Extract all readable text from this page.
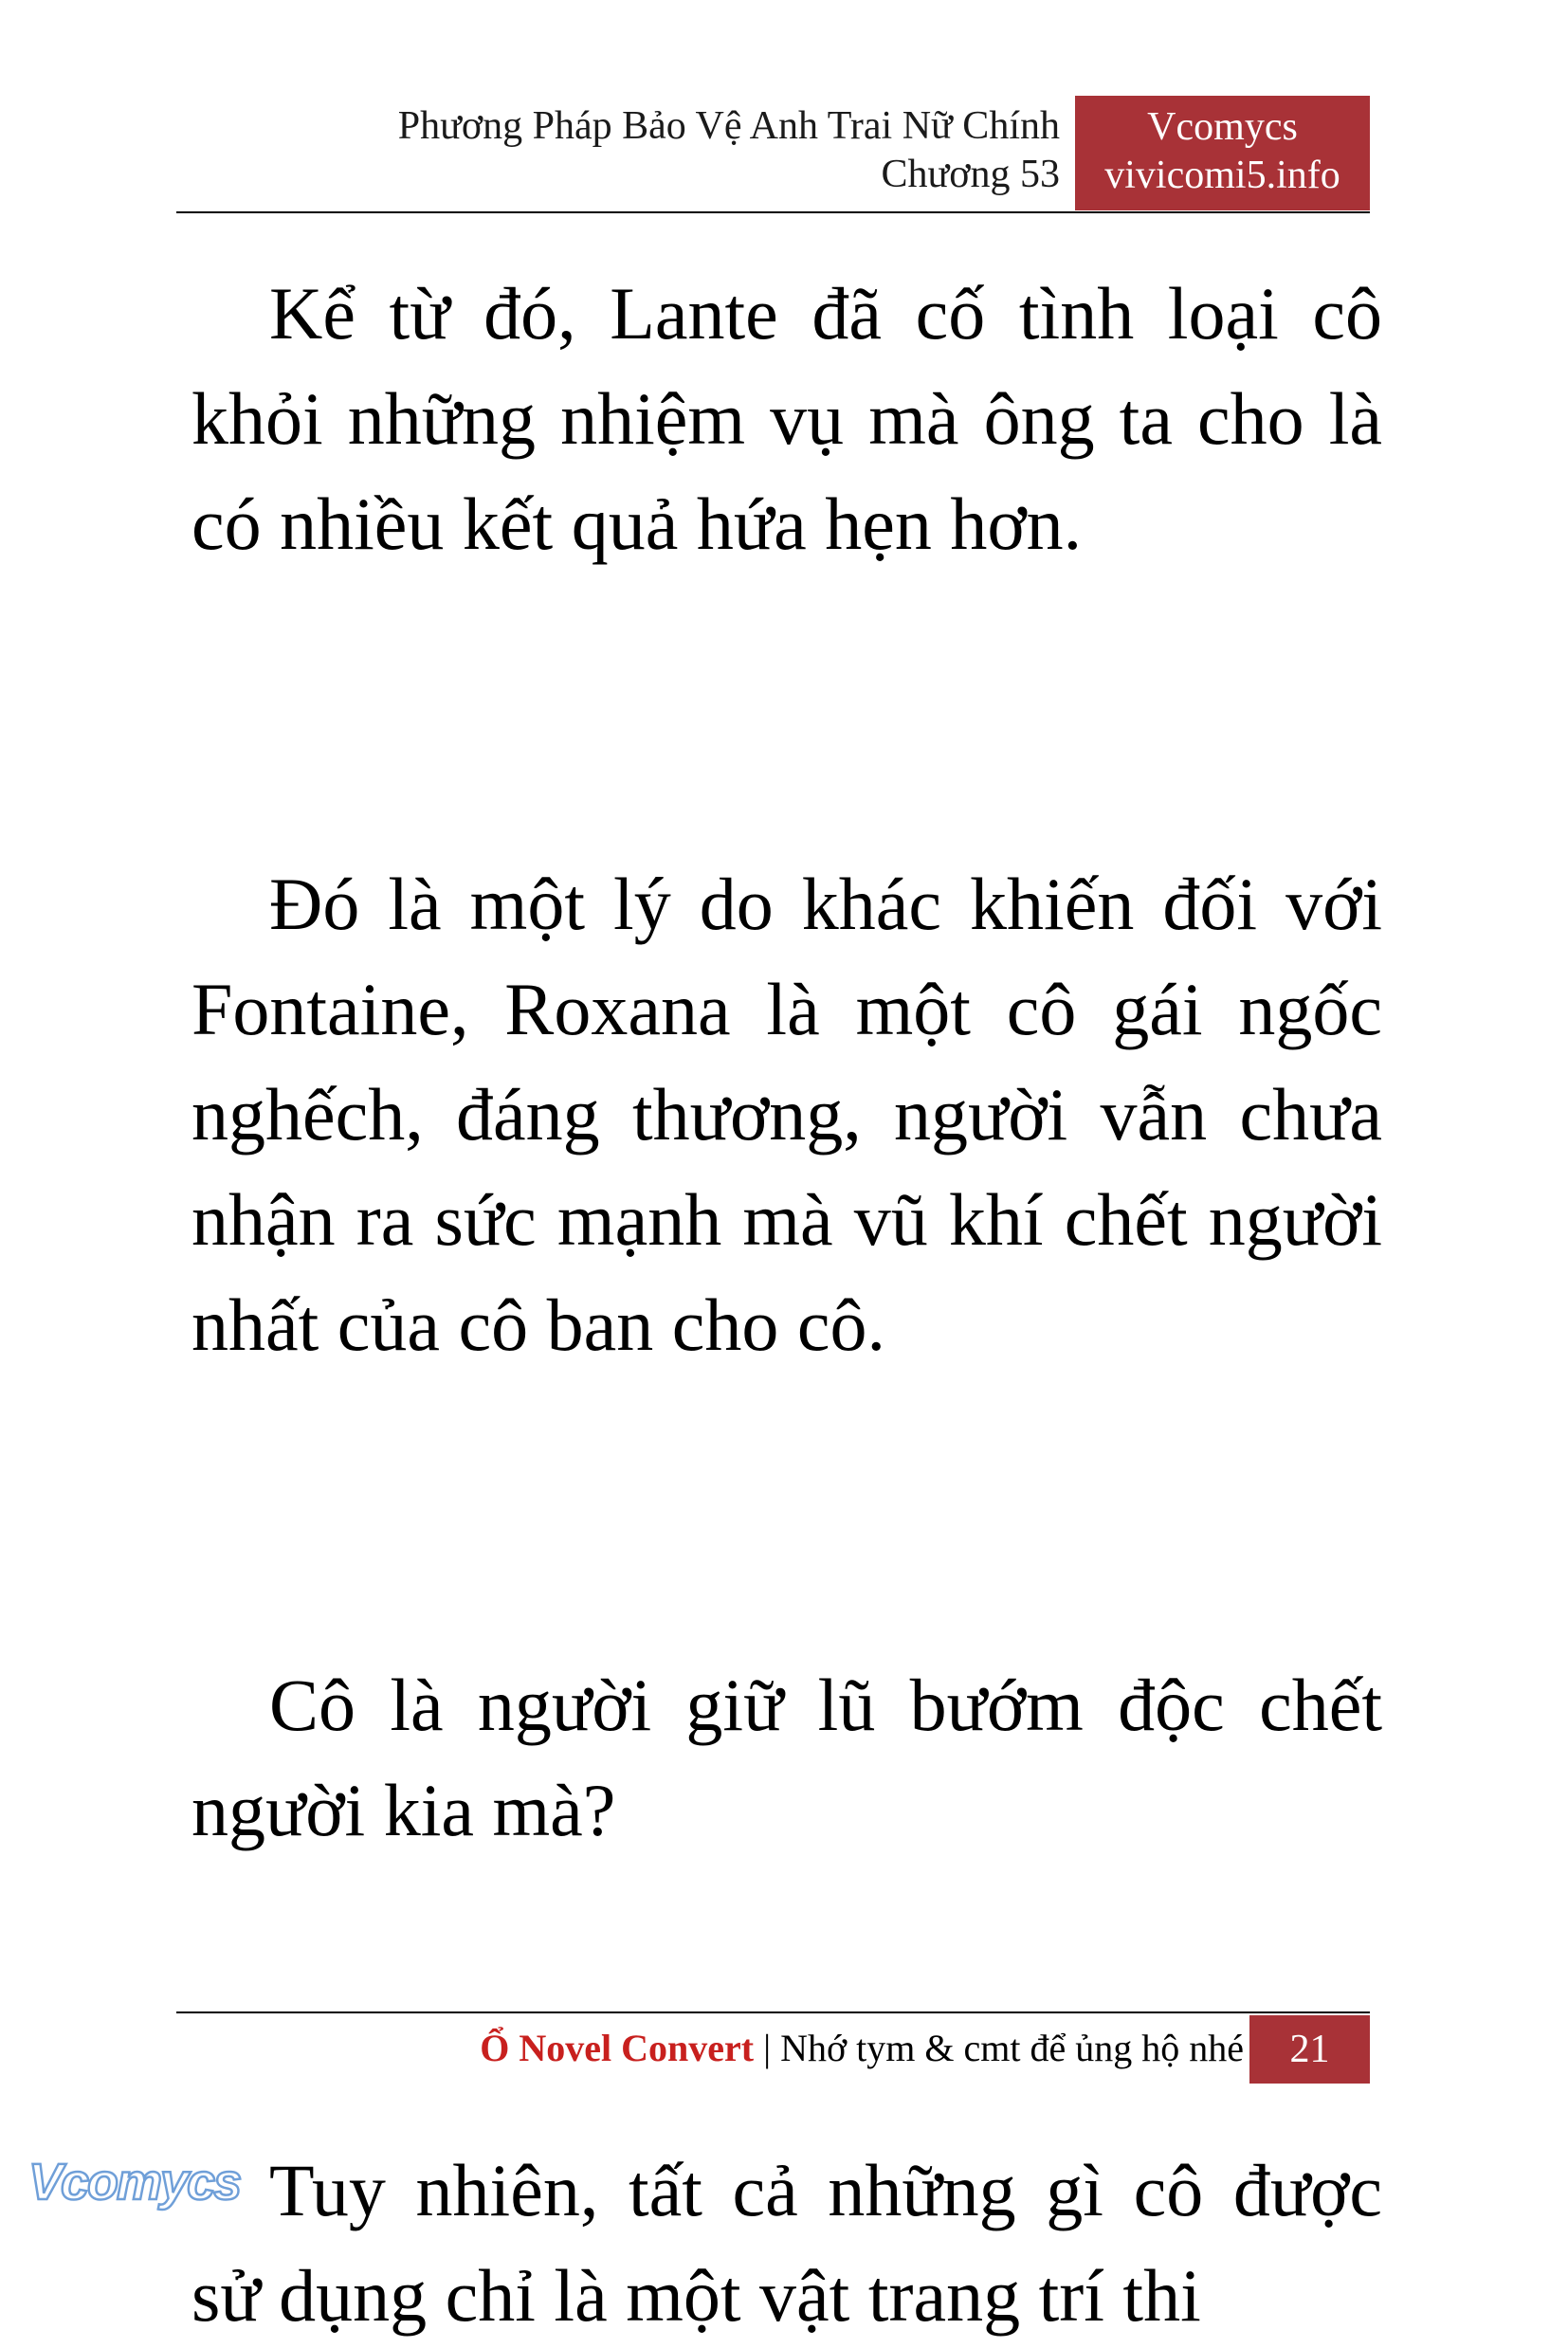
Phương Pháp Bảo Vệ Anh Trai Nữ Chính
Chương 53
Vcomycs
vivicomi5.info

Kể từ đó, Lante đã cố tình loại cô khỏi những nhiệm vụ mà ông ta cho là có nhiều kết quả hứa hẹn hơn.

Đó là một lý do khác khiến đối với Fontaine, Roxana là một cô gái ngốc nghếch, đáng thương, người vẫn chưa nhận ra sức mạnh mà vũ khí chết người nhất của cô ban cho cô.

Cô là người giữ lũ bướm độc chết người kia mà?

Tuy nhiên, tất cả những gì cô được sử dụng chỉ là một vật trang trí thi

Ổ Novel Convert | Nhớ tym & cmt để ủng hộ nhé	21
Vcomycs
